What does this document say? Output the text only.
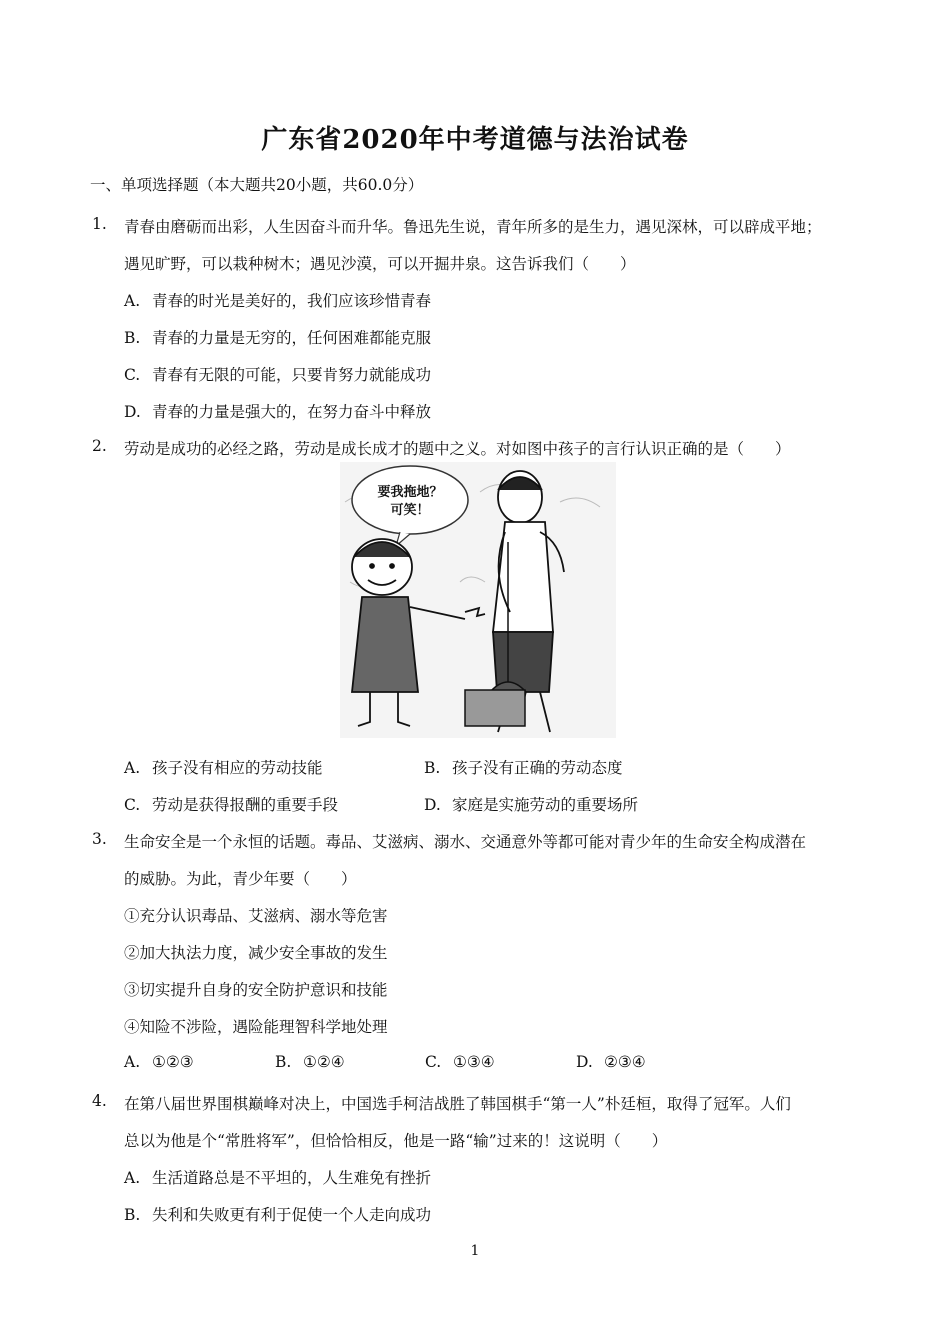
广东省2020年中考道德与法治试卷
一、单项选择题（本大题共20小题，共60.0分）
1. 青春由磨砺而出彩，人生因奋斗而升华。鲁迅先生说，青年所多的是生力，遇见深林，可以辟成平地；
遇见旷野，可以栽种树木；遇见沙漠，可以开掘井泉。这告诉我们（　　）
A. 青春的时光是美好的，我们应该珍惜青春
B. 青春的力量是无穷的，任何困难都能克服
C. 青春有无限的可能，只要肯努力就能成功
D. 青春的力量是强大的，在努力奋斗中释放
2. 劳动是成功的必经之路，劳动是成长成才的题中之义。对如图中孩子的言行认识正确的是（　　）
要我拖地？
可笑！
A. 孩子没有相应的劳动技能	B. 孩子没有正确的劳动态度
C. 劳动是获得报酬的重要手段	D. 家庭是实施劳动的重要场所
3. 生命安全是一个永恒的话题。毒品、艾滋病、溺水、交通意外等都可能对青少年的生命安全构成潜在
的威胁。为此，青少年要（　　）
①充分认识毒品、艾滋病、溺水等危害
②加大执法力度，减少安全事故的发生
③切实提升自身的安全防护意识和技能
④知险不涉险，遇险能理智科学地处理
A. ①②③	B. ①②④	C. ①③④	D. ②③④
4. 在第八届世界围棋巅峰对决上，中国选手柯洁战胜了韩国棋手“第一人”朴廷桓，取得了冠军。人们
总以为他是个“常胜将军”，但恰恰相反，他是一路“输”过来的！这说明（　　）
A. 生活道路总是不平坦的，人生难免有挫折
B. 失利和失败更有利于促使一个人走向成功
1
